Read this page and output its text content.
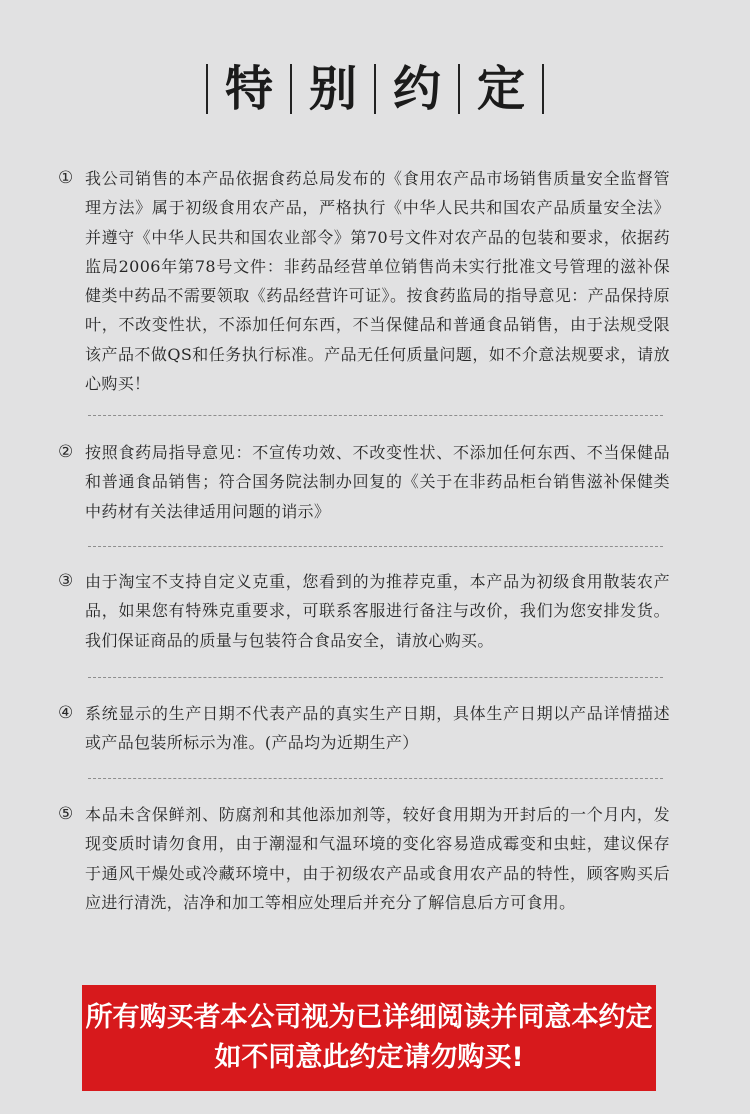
特 别 约 定
① 我公司销售的本产品依据食药总局发布的《食用农产品市场销售质量安全监督管理方法》属于初级食用农产品，严格执行《中华人民共和国农产品质量安全法》并遵守《中华人民共和国农业部令》第70号文件对农产品的包装和要求，依据药监局2006年第78号文件：非药品经营单位销售尚未实行批准文号管理的滋补保健类中药品不需要领取《药品经营许可证》。按食药监局的指导意见：产品保持原叶，不改变性状，不添加任何东西，不当保健品和普通食品销售，由于法规受限该产品不做QS和任务执行标准。产品无任何质量问题，如不介意法规要求，请放心购买！
② 按照食药局指导意见：不宣传功效、不改变性状、不添加任何东西、不当保健品和普通食品销售；符合国务院法制办回复的《关于在非药品柜台销售滋补保健类中药材有关法律适用问题的诮示》
③ 由于淘宝不支持自定义克重，您看到的为推荐克重，本产品为初级食用散装农产品，如果您有特殊克重要求，可联系客服进行备注与改价，我们为您安排发货。我们保证商品的质量与包装符合食品安全，请放心购买。
④ 系统显示的生产日期不代表产品的真实生产日期，具体生产日期以产品详情描述或产品包装所标示为准。(产品均为近期生产）
⑤ 本品未含保鲜剂、防腐剂和其他添加剂等，较好食用期为开封后的一个月内，发现变质时请勿食用，由于潮湿和气温环境的变化容易造成霉变和虫蛀，建议保存于通风干燥处或冷藏环境中，由于初级农产品或食用农产品的特性，顾客购买后应进行清洗，洁净和加工等相应处理后并充分了解信息后方可食用。
所有购买者本公司视为已详细阅读并同意本约定
如不同意此约定请勿购买!
